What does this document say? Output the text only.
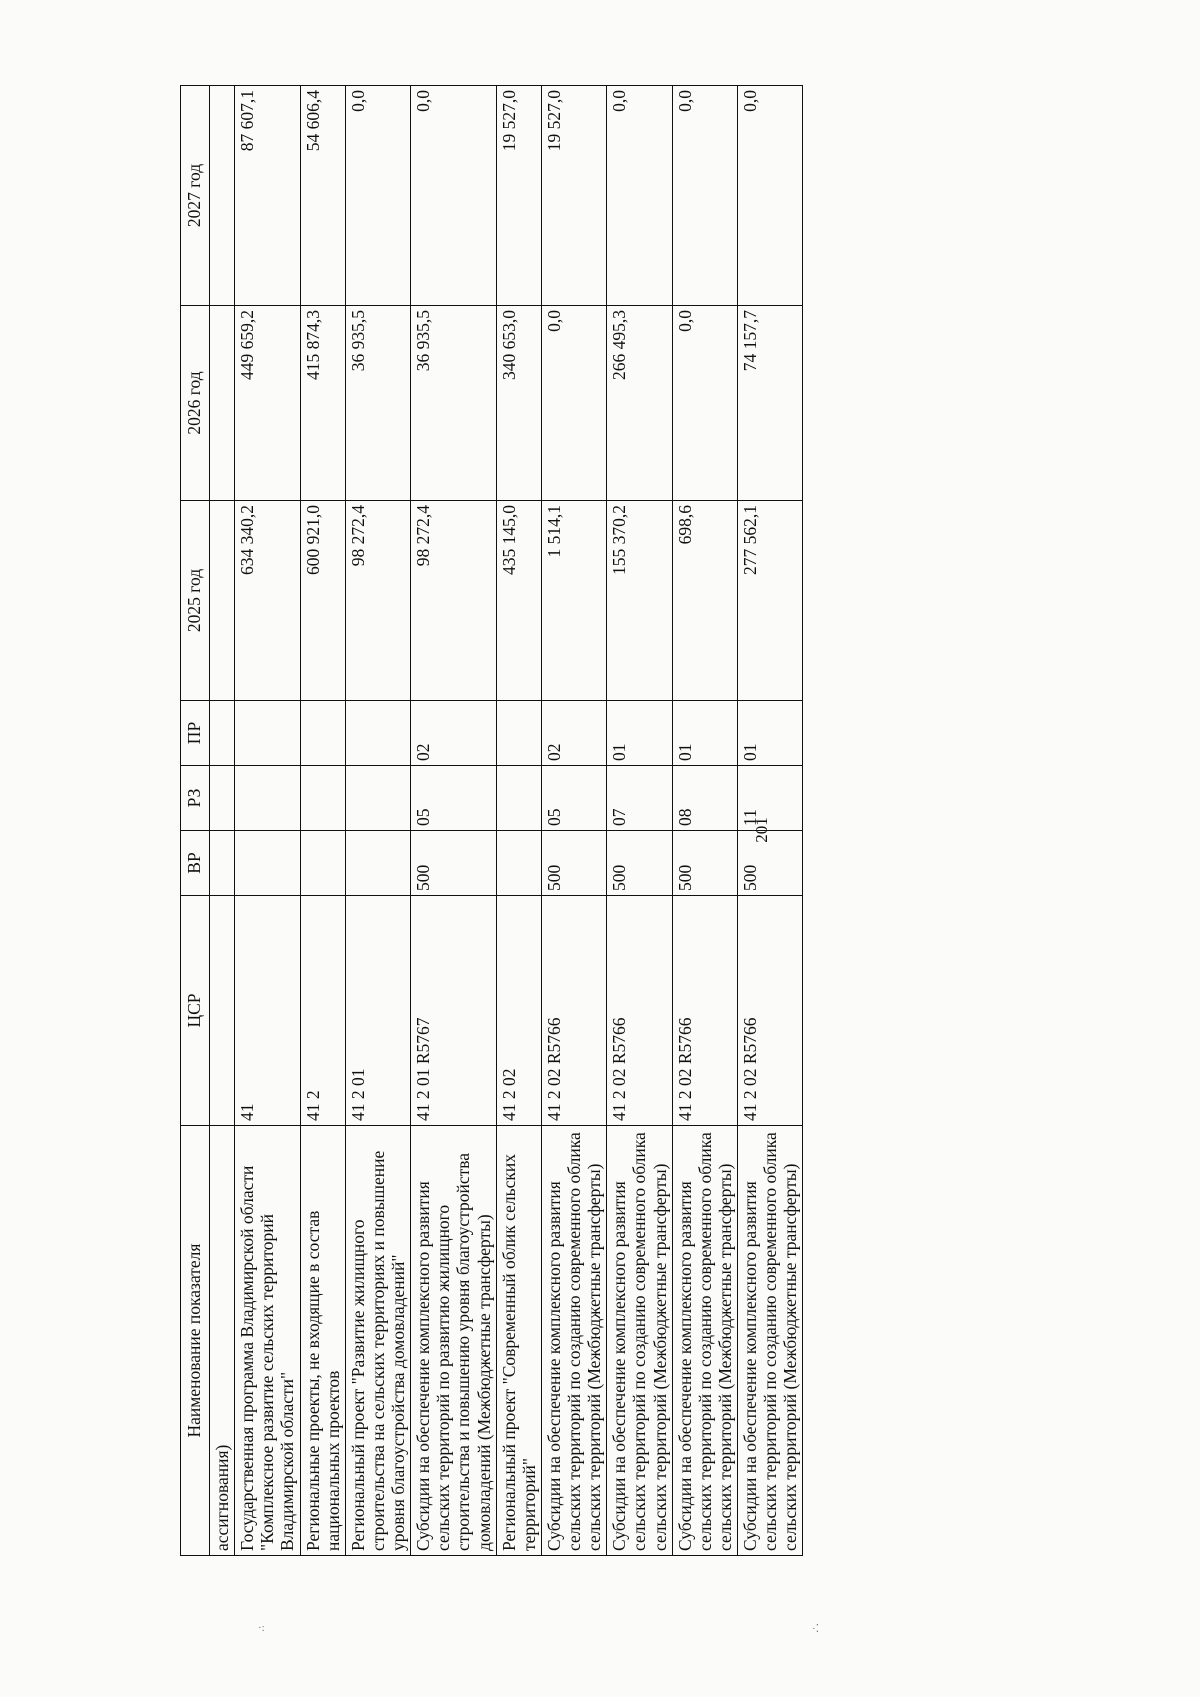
201
Наименование показателя	ЦСР	ВР	РЗ	ПР	2025 год	2026 год	2027 год
ассигнования)							
Государственная программа Владимирской области "Комплексное развитие сельских территорий Владимирской области"	41				634 340,2	449 659,2	87 607,1
Региональные проекты, не входящие в состав национальных проектов	41 2				600 921,0	415 874,3	54 606,4
Региональный проект "Развитие жилищного строительства на сельских территориях и повышение уровня благоустройства домовладений"	41 2 01				98 272,4	36 935,5	0,0
Субсидии на обеспечение комплексного развития сельских территорий по развитию жилищного строительства и повышению уровня благоустройства домовладений (Межбюджетные трансферты)	41 2 01 R5767	500	05	02	98 272,4	36 935,5	0,0
Региональный проект "Современный облик сельских территорий"	41 2 02				435 145,0	340 653,0	19 527,0
Субсидии на обеспечение комплексного развития сельских территорий по созданию современного облика сельских территорий (Межбюджетные трансферты)	41 2 02 R5766	500	05	02	1 514,1	0,0	19 527,0
Субсидии на обеспечение комплексного развития сельских территорий по созданию современного облика сельских территорий (Межбюджетные трансферты)	41 2 02 R5766	500	07	01	155 370,2	266 495,3	0,0
Субсидии на обеспечение комплексного развития сельских территорий по созданию современного облика сельских территорий (Межбюджетные трансферты)	41 2 02 R5766	500	08	01	698,6	0,0	0,0
Субсидии на обеспечение комплексного развития сельских территорий по созданию современного облика сельских территорий (Межбюджетные трансферты)	41 2 02 R5766	500	11	01	277 562,1	74 157,7	0,0
·:	·⁚
